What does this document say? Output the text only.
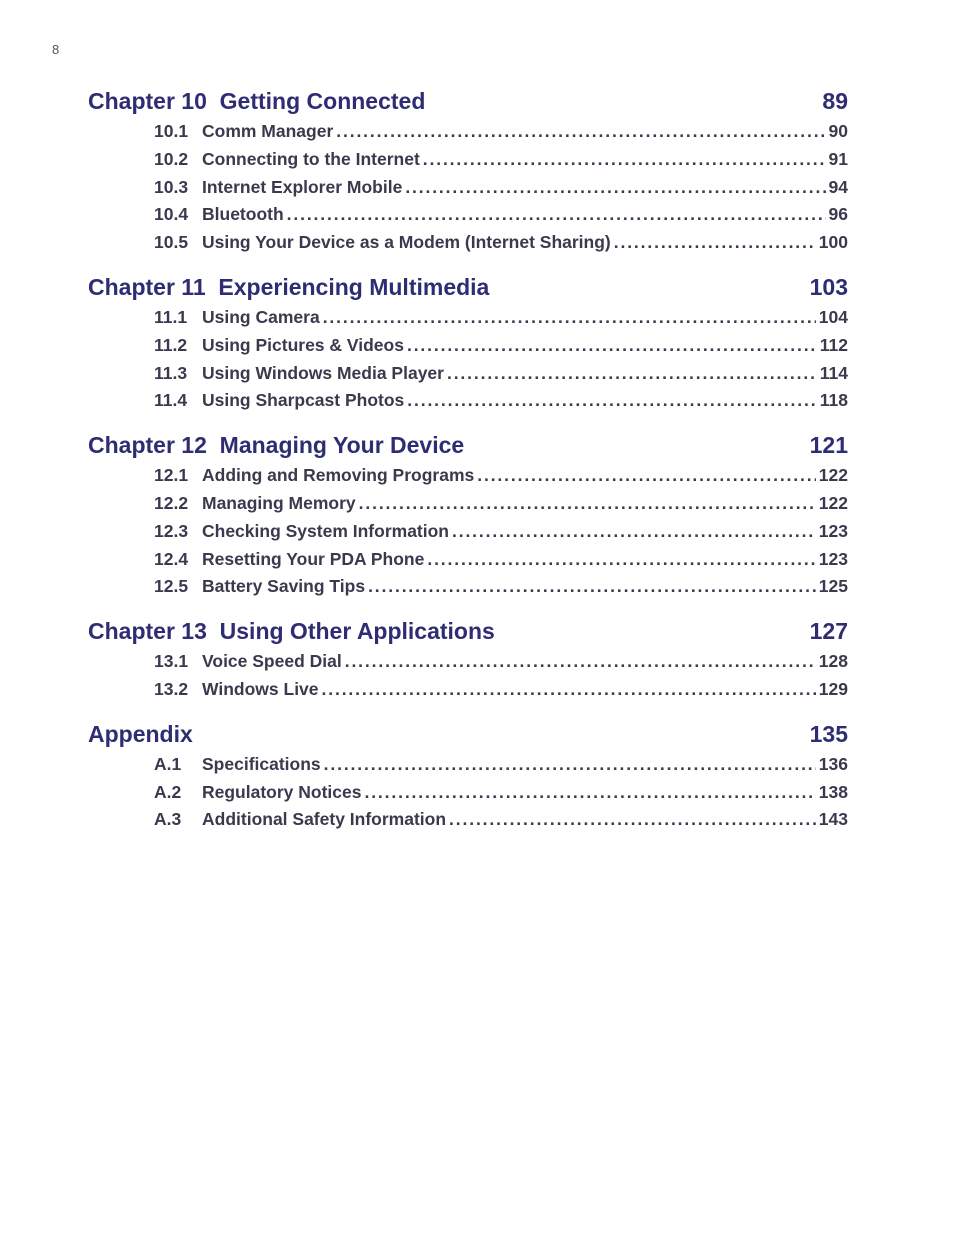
8
Chapter 10 Getting Connected	89
10.1 Comm Manager . . .	90
10.2 Connecting to the Internet . . .	91
10.3 Internet Explorer Mobile . . .	94
10.4 Bluetooth . . .	96
10.5 Using Your Device as a Modem (Internet Sharing) . . .	100
Chapter 11 Experiencing Multimedia	103
11.1 Using Camera . . .	104
11.2 Using Pictures & Videos . . .	112
11.3 Using Windows Media Player . . .	114
11.4 Using Sharpcast Photos . . .	118
Chapter 12 Managing Your Device	121
12.1 Adding and Removing Programs . . .	122
12.2 Managing Memory . . .	122
12.3 Checking System Information . . .	123
12.4 Resetting Your PDA Phone . . .	123
12.5 Battery Saving Tips . . .	125
Chapter 13 Using Other Applications	127
13.1 Voice Speed Dial . . .	128
13.2 Windows Live . . .	129
Appendix	135
A.1	Specifications . . .	136
A.2	Regulatory Notices . . .	138
A.3	Additional Safety Information . . .	143
